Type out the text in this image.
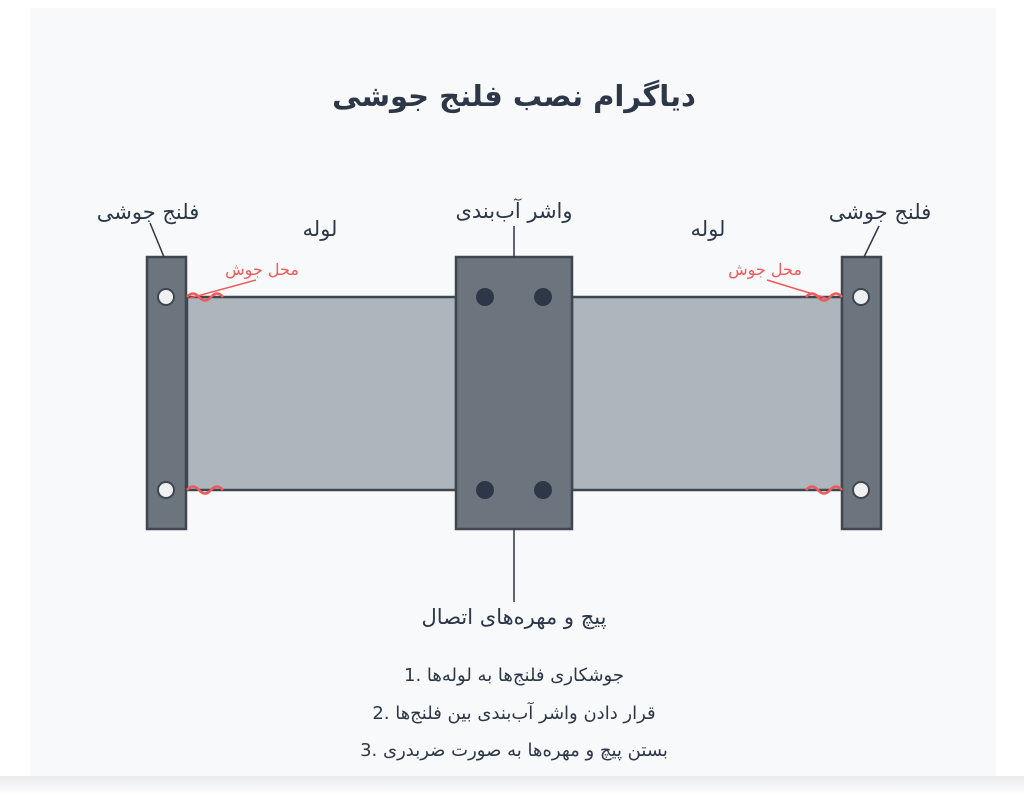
دیاگرام نصب فلنج جوشی
فلنج جوشی	فلنج جوشی
لوله	لوله
واشر آب‌بندی
محل جوش	محل جوش
پیچ و مهره‌های اتصال
جوشکاری فلنج‌ها به لوله‌ها .1
قرار دادن واشر آب‌بندی بین فلنج‌ها .2
بستن پیچ و مهره‌ها به صورت ضربدری .3
